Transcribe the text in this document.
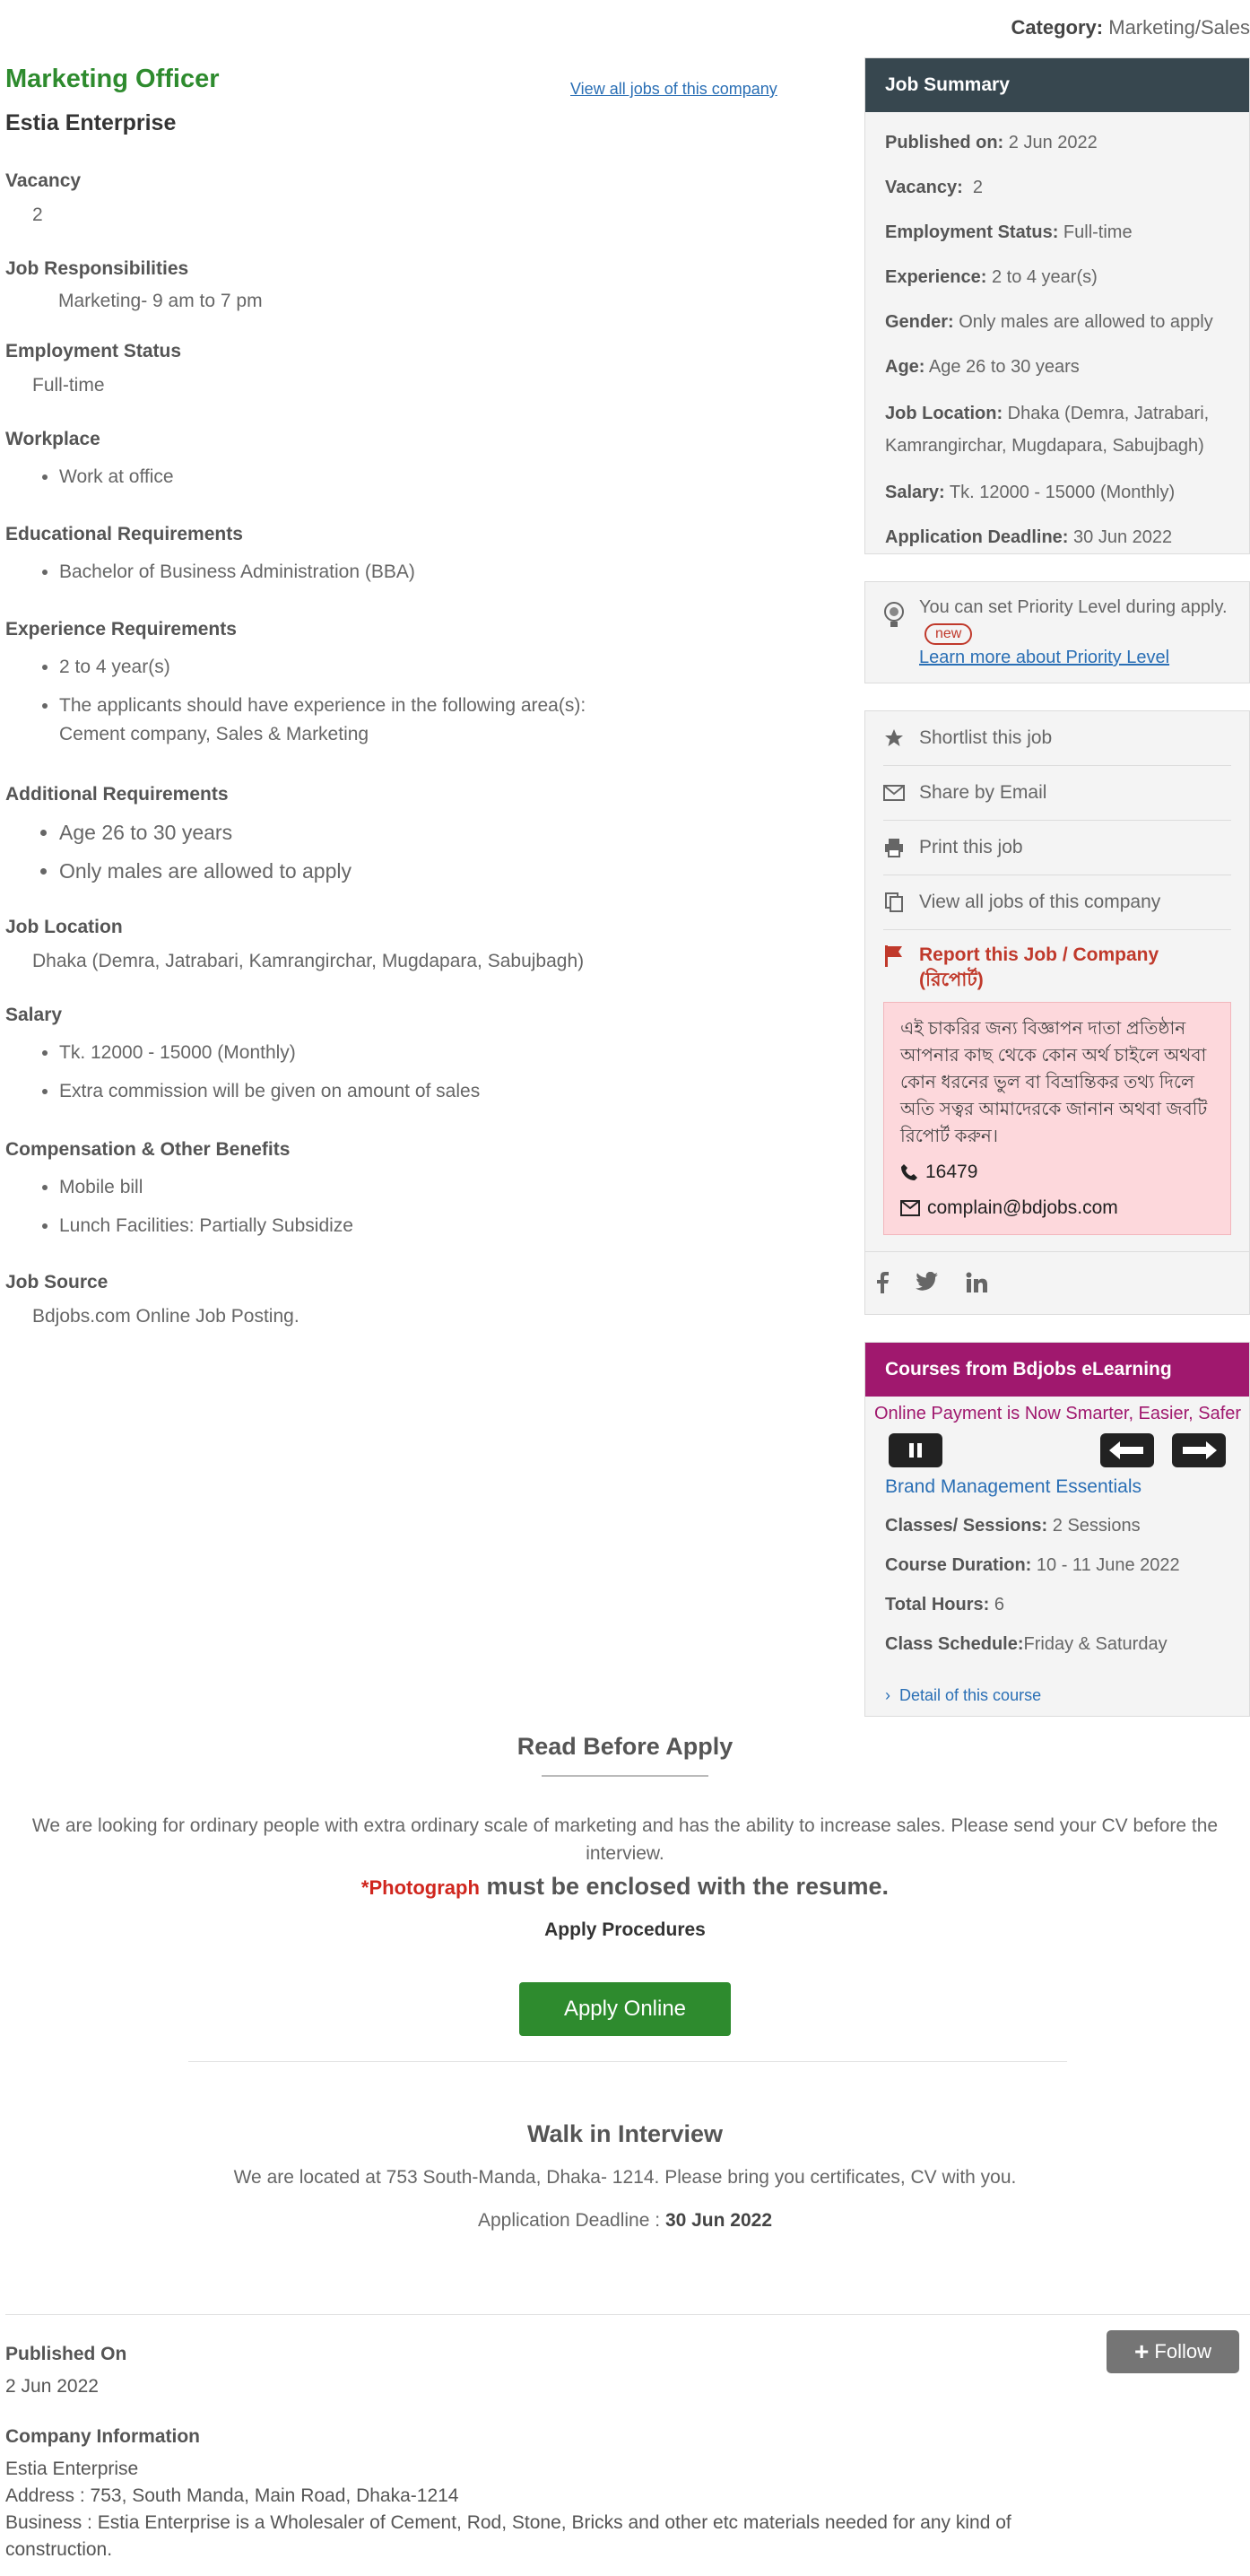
Category: Marketing/Sales
Marketing Officer
Estia Enterprise
View all jobs of this company
Vacancy
2
Job Responsibilities
Marketing- 9 am to 7 pm
Employment Status
Full-time
Workplace
• Work at office
Educational Requirements
• Bachelor of Business Administration (BBA)
Experience Requirements
• 2 to 4 year(s)
• The applicants should have experience in the following area(s):
Cement company, Sales & Marketing
Additional Requirements
• Age 26 to 30 years
• Only males are allowed to apply
Job Location
Dhaka (Demra, Jatrabari, Kamrangirchar, Mugdapara, Sabujbagh)
Salary
• Tk. 12000 - 15000 (Monthly)
• Extra commission will be given on amount of sales
Compensation & Other Benefits
• Mobile bill
• Lunch Facilities: Partially Subsidize
Job Source
Bdjobs.com Online Job Posting.
Job Summary
Published on: 2 Jun 2022
Vacancy: 2
Employment Status: Full-time
Experience: 2 to 4 year(s)
Gender: Only males are allowed to apply
Age: Age 26 to 30 years
Job Location: Dhaka (Demra, Jatrabari, Kamrangirchar, Mugdapara, Sabujbagh)
Salary: Tk. 12000 - 15000 (Monthly)
Application Deadline: 30 Jun 2022
You can set Priority Level during apply.new
Learn more about Priority Level
Shortlist this job
Share by Email
Print this job
View all jobs of this company
Report this Job / Company (রিপোর্ট)
এই চাকরির জন্য বিজ্ঞাপন দাতা প্রতিষ্ঠান আপনার কাছ থেকে কোন অর্থ চাইলে অথবা কোন ধরনের ভুল বা বিভ্রান্তিকর তথ্য দিলে অতি সত্বর আমাদেরকে জানান অথবা জবটি রিপোর্ট করুন।
16479
complain@bdjobs.com
Courses from Bdjobs eLearning
Online Payment is Now Smarter, Easier, Safer
Brand Management Essentials
Classes/ Sessions: 2 Sessions
Course Duration: 10 - 11 June 2022
Total Hours: 6
Class Schedule:Friday & Saturday
› Detail of this course
Read Before Apply
We are looking for ordinary people with extra ordinary scale of marketing and has the ability to increase sales. Please send your CV before the interview.
*Photograph must be enclosed with the resume.
Apply Procedures
Apply Online
Walk in Interview
We are located at 753 South-Manda, Dhaka- 1214. Please bring you certificates, CV with you.
Application Deadline : 30 Jun 2022
Published On
2 Jun 2022
+ Follow
Company Information
Estia Enterprise
Address : 753, South Manda, Main Road, Dhaka-1214
Business : Estia Enterprise is a Wholesaler of Cement, Rod, Stone, Bricks and other etc materials needed for any kind of construction.
